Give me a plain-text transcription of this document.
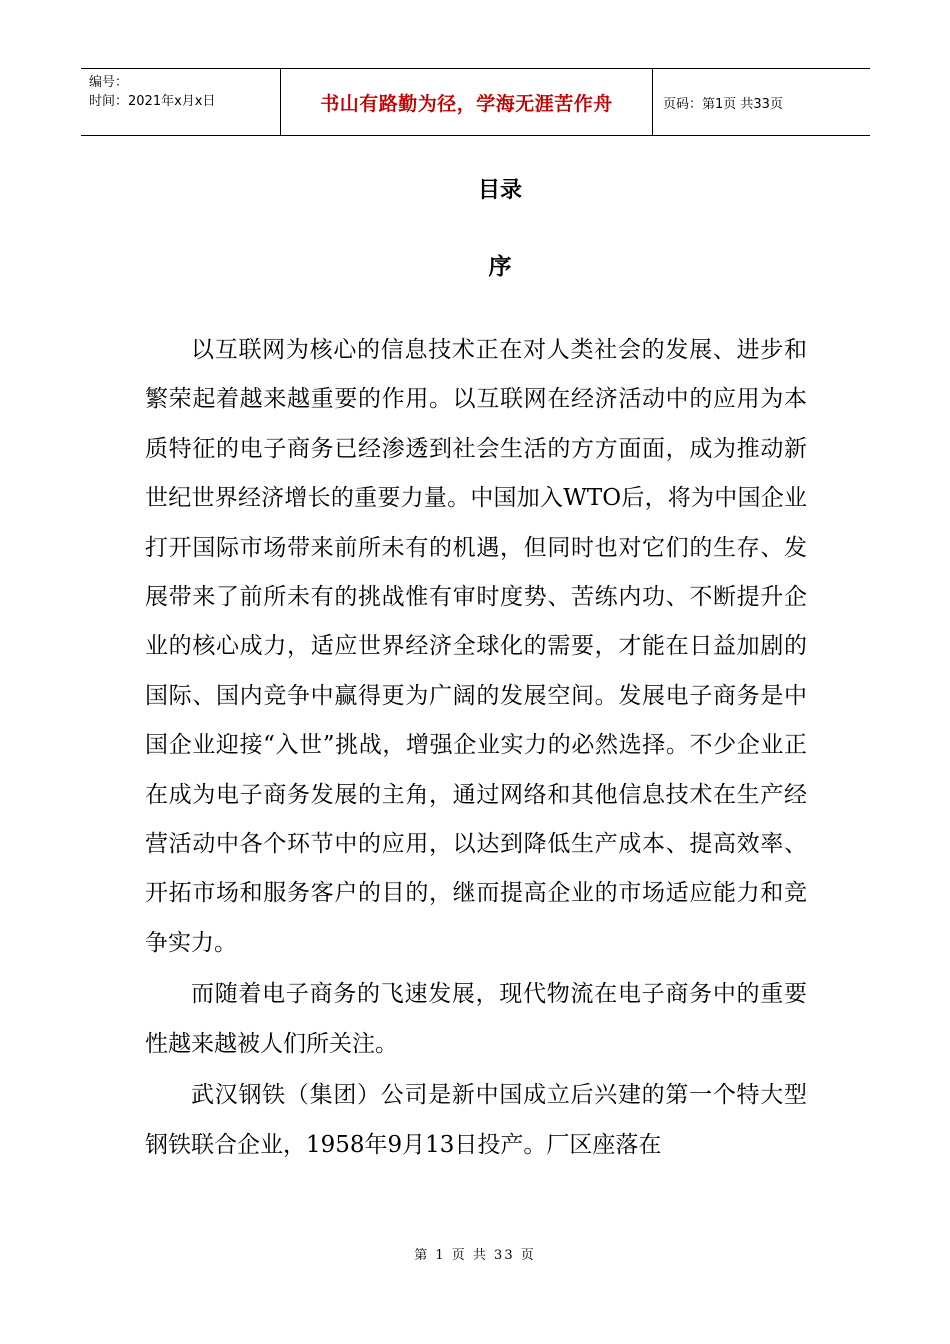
编号：
时间：2021年x月x日	书山有路勤为径，学海无涯苦作舟	页码：第1页 共33页
目录
序

以互联网为核心的信息技术正在对人类社会的发展、进步和繁荣起着越来越重要的作用。以互联网在经济活动中的应用为本质特征的电子商务已经渗透到社会生活的方方面面，成为推动新世纪世界经济增长的重要力量。中国加入WTO后，将为中国企业打开国际市场带来前所未有的机遇，但同时也对它们的生存、发展带来了前所未有的挑战惟有审时度势、苦练内功、不断提升企业的核心成力，适应世界经济全球化的需要，才能在日益加剧的国际、国内竞争中赢得更为广阔的发展空间。发展电子商务是中国企业迎接“入世”挑战，增强企业实力的必然选择。不少企业正在成为电子商务发展的主角，通过网络和其他信息技术在生产经营活动中各个环节中的应用，以达到降低生产成本、提高效率、开拓市场和服务客户的目的，继而提高企业的市场适应能力和竞争实力。

而随着电子商务的飞速发展，现代物流在电子商务中的重要性越来越被人们所关注。

武汉钢铁（集团）公司是新中国成立后兴建的第一个特大型钢铁联合企业，1958年9月13日投产。厂区座落在

第 1 页 共 33 页
